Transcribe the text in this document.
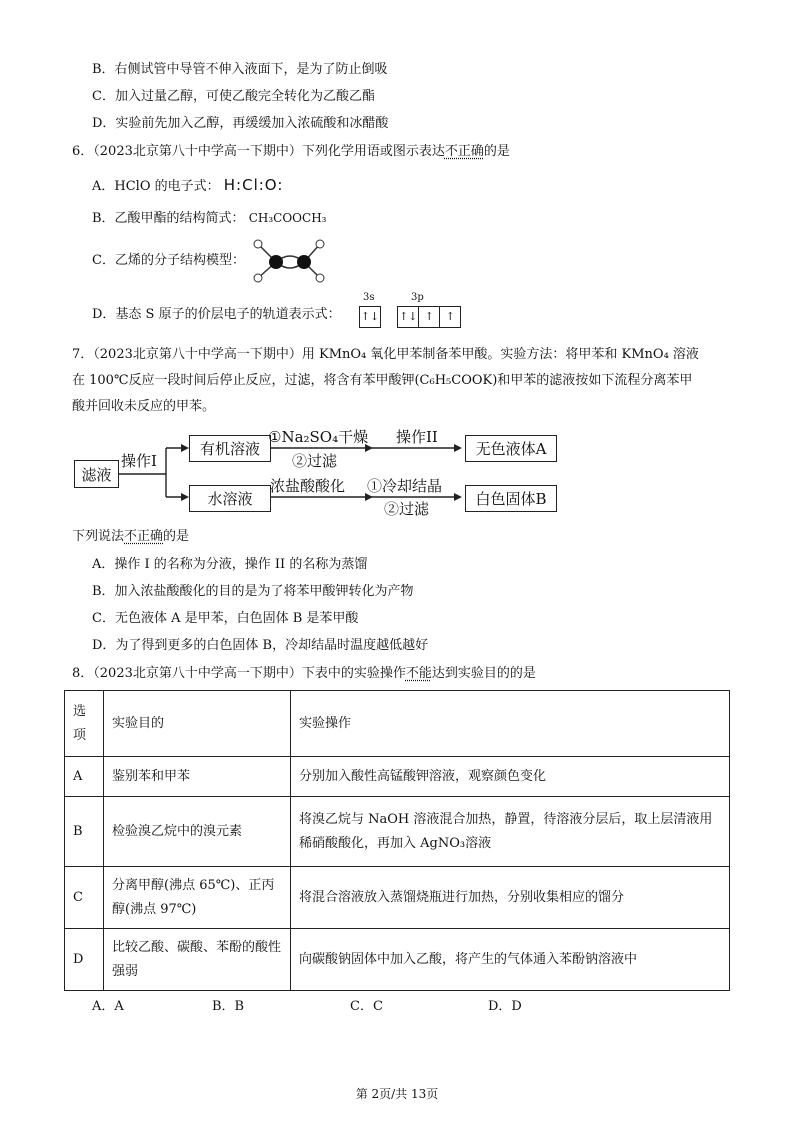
B．右侧试管中导管不伸入液面下，是为了防止倒吸
C．加入过量乙醇，可使乙酸完全转化为乙酸乙酯
D．实验前先加入乙醇，再缓缓加入浓硫酸和冰醋酸
6．（2023北京第八十中学高一下期中）下列化学用语或图示表达不正确的是
A．HClO 的电子式： H:Cl:O:
B．乙酸甲酯的结构简式： CH₃COOCH₃
C．乙烯的分子结构模型：
D．基态 S 原子的价层电子的轨道表示式：
3s	3p
↑↓ ↑↓ ↑ ↑
7．（2023北京第八十中学高一下期中）用 KMnO₄ 氧化甲苯制备苯甲酸。实验方法：将甲苯和 KMnO₄ 溶液
在 100℃反应一段时间后停止反应，过滤，将含有苯甲酸钾(C₆H₅COOK)和甲苯的滤液按如下流程分离苯甲
酸并回收未反应的甲苯。
滤液
操作I
有机溶液
①Na₂SO₄干燥
②过滤
操作II
无色液体A
水溶液
浓盐酸酸化 ①冷却结晶
②过滤
白色固体B
下列说法不正确的是
A．操作 I 的名称为分液，操作 II 的名称为蒸馏
B．加入浓盐酸酸化的目的是为了将苯甲酸钾转化为产物
C．无色液体 A 是甲苯，白色固体 B 是苯甲酸
D．为了得到更多的白色固体 B，冷却结晶时温度越低越好
8．（2023北京第八十中学高一下期中）下表中的实验操作不能达到实验目的的是
选项	实验目的	实验操作
A	鉴别苯和甲苯	分别加入酸性高锰酸钾溶液，观察颜色变化
B	检验溴乙烷中的溴元素	将溴乙烷与 NaOH 溶液混合加热，静置，待溶液分层后，取上层清液用稀硝酸酸化，再加入 AgNO₃溶液
C	分离甲醇(沸点 65℃)、正丙醇(沸点 97℃)	将混合溶液放入蒸馏烧瓶进行加热，分别收集相应的馏分
D	比较乙酸、碳酸、苯酚的酸性强弱	向碳酸钠固体中加入乙酸，将产生的气体通入苯酚钠溶液中
A．A	B．B	C．C	D．D
第 2页/共 13页
